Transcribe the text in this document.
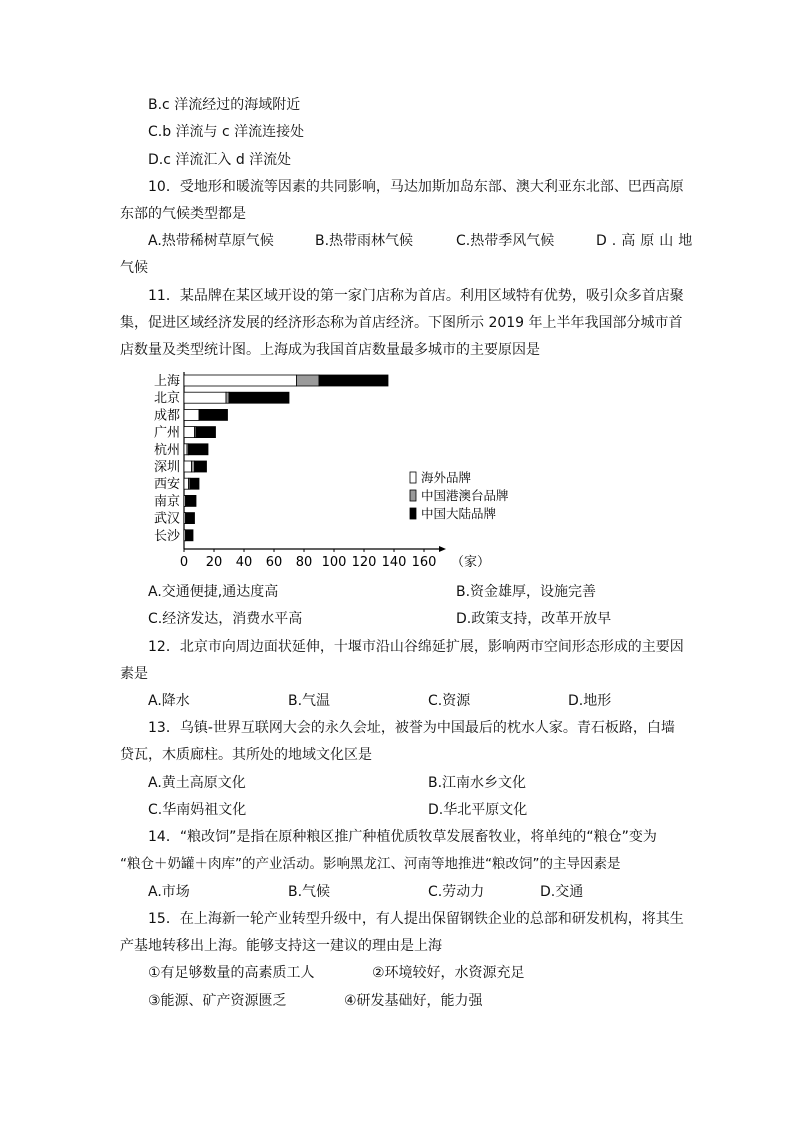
B.c 洋流经过的海域附近
C.b 洋流与 c 洋流连接处
D.c 洋流汇入 d 洋流处
10．受地形和暖流等因素的共同影响，马达加斯加岛东部、澳大利亚东北部、巴西高原
东部的气候类型都是
A.热带稀树草原气候	B.热带雨林气候	C.热带季风气候	D.高原山地
气候
11．某品牌在某区域开设的第一家门店称为首店。利用区域特有优势，吸引众多首店聚
集，促进区域经济发展的经济形态称为首店经济。下图所示 2019 年上半年我国部分城市首
店数量及类型统计图。上海成为我国首店数量最多城市的主要原因是
上海
北京
成都
广州
杭州
深圳
西安
南京
武汉
长沙
0 20 40 60 80 100 120 140 160 （家）
海外品牌
中国港澳台品牌
中国大陆品牌
A.交通便捷,通达度高	B.资金雄厚，设施完善
C.经济发达，消费水平高	D.政策支持，改革开放早
12．北京市向周边面状延伸，十堰市沿山谷绵延扩展，影响两市空间形态形成的主要因
素是
A.降水	B.气温	C.资源	D.地形
13．乌镇-世界互联网大会的永久会址，被誉为中国最后的枕水人家。青石板路，白墙
贷瓦，木质廊柱。其所处的地域文化区是
A.黄土高原文化	B.江南水乡文化
C.华南妈祖文化	D.华北平原文化
14．“粮改饲”是指在原种粮区推广种植优质牧草发展畜牧业，将单纯的“粮仓”变为
“粮仓＋奶罐＋肉库”的产业活动。影响黑龙江、河南等地推进“粮改饲”的主导因素是
A.市场	B.气候	C.劳动力	D.交通
15．在上海新一轮产业转型升级中，有人提出保留钢铁企业的总部和研发机构，将其生
产基地转移出上海。能够支持这一建议的理由是上海
①有足够数量的高素质工人	②环境较好，水资源充足
③能源、矿产资源匮乏	④研发基础好，能力强
